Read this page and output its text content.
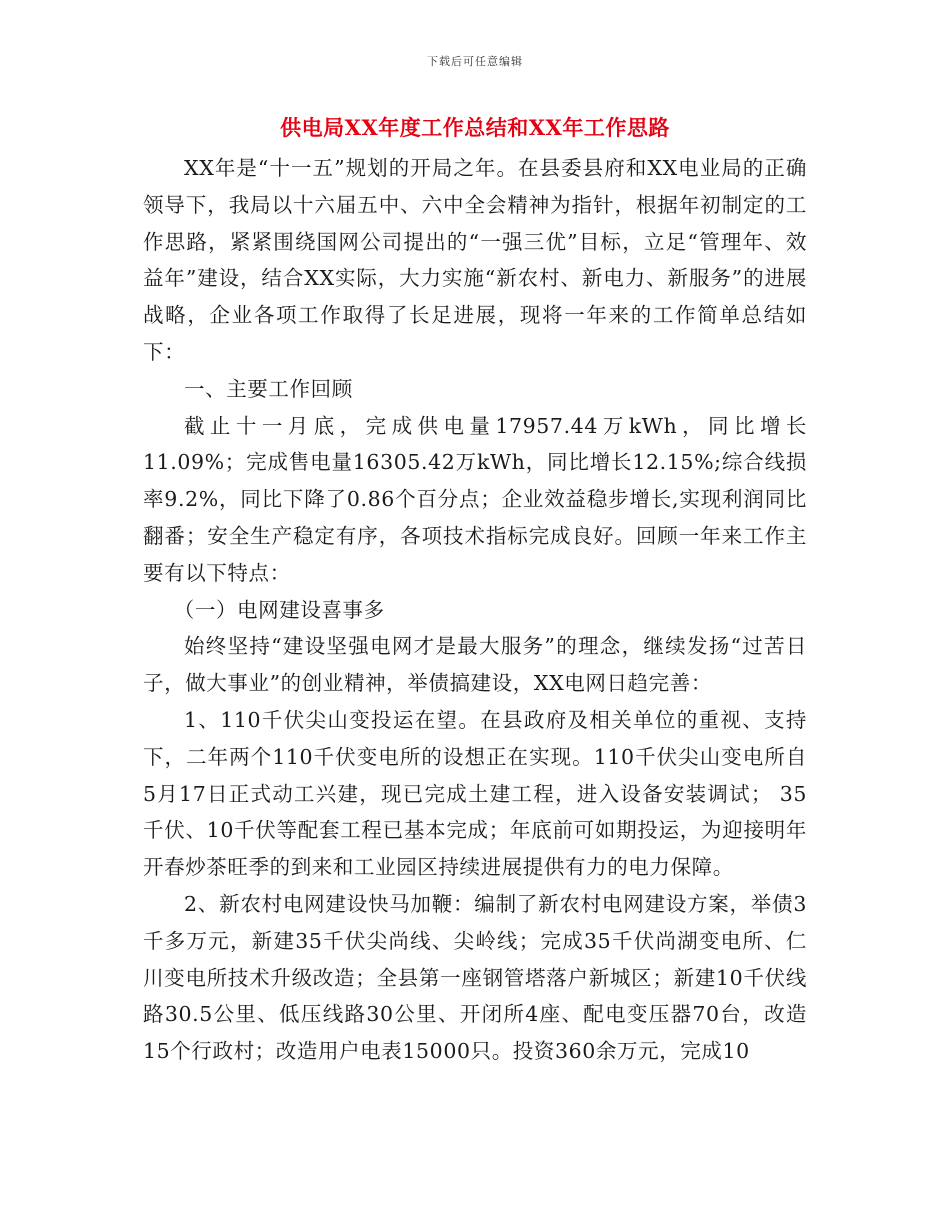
下载后可任意编辑
供电局XX年度工作总结和XX年工作思路

XX年是“十一五”规划的开局之年。在县委县府和XX电业局的正确领导下，我局以十六届五中、六中全会精神为指针，根据年初制定的工作思路，紧紧围绕国网公司提出的“一强三优”目标，立足“管理年、效益年”建设，结合XX实际，大力实施“新农村、新电力、新服务”的进展战略，企业各项工作取得了长足进展，现将一年来的工作简单总结如下：

一、主要工作回顾

截止十一月底，完成供电量17957.44万kWh，同比增长11.09%；完成售电量16305.42万kWh，同比增长12.15%;综合线损率9.2%，同比下降了0.86个百分点；企业效益稳步增长,实现利润同比翻番；安全生产稳定有序，各项技术指标完成良好。回顾一年来工作主要有以下特点：

（一）电网建设喜事多

始终坚持“建设坚强电网才是最大服务”的理念，继续发扬“过苦日子，做大事业”的创业精神，举债搞建设，XX电网日趋完善：

1、110千伏尖山变投运在望。在县政府及相关单位的重视、支持下，二年两个110千伏变电所的设想正在实现。110千伏尖山变电所自5月17日正式动工兴建，现已完成土建工程，进入设备安装调试； 35千伏、10千伏等配套工程已基本完成；年底前可如期投运，为迎接明年开春炒茶旺季的到来和工业园区持续进展提供有力的电力保障。

2、新农村电网建设快马加鞭：编制了新农村电网建设方案，举债3千多万元，新建35千伏尖尚线、尖岭线；完成35千伏尚湖变电所、仁川变电所技术升级改造；全县第一座钢管塔落户新城区；新建10千伏线路30.5公里、低压线路30公里、开闭所4座、配电变压器70台，改造15个行政村；改造用户电表15000只。投资360余万元，完成10
